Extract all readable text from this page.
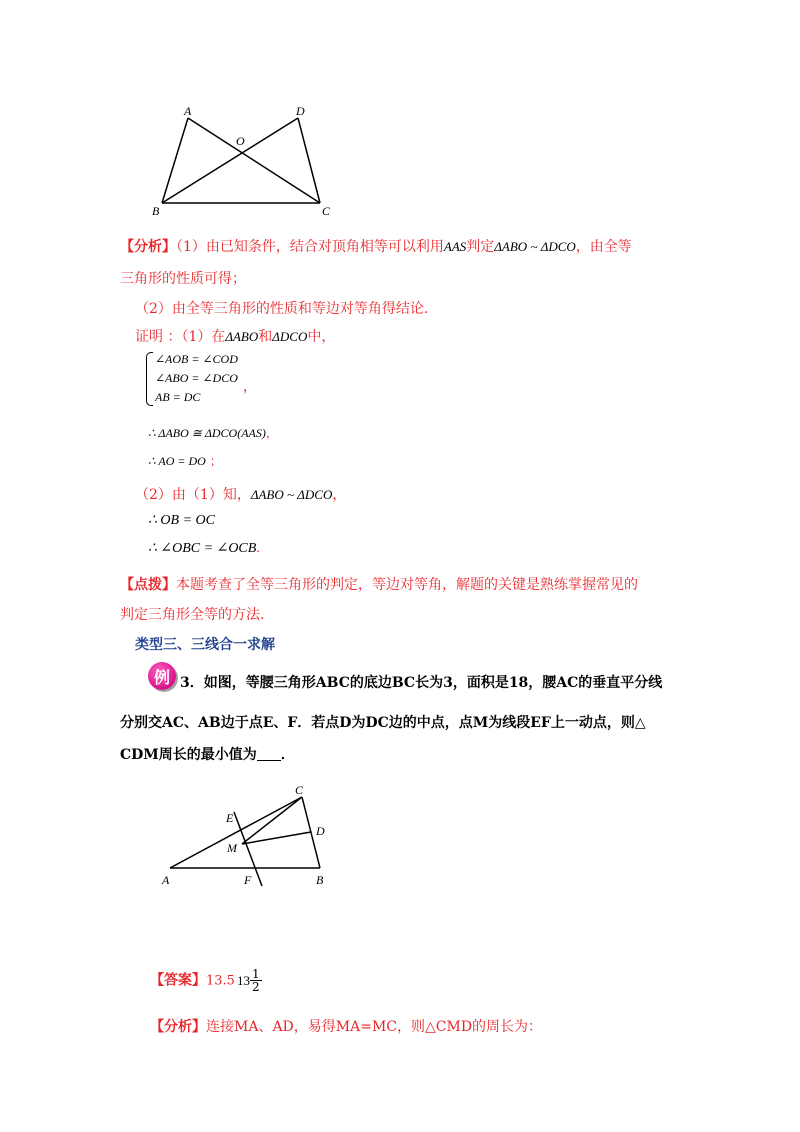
A	D
O
B	C
【分析】（1）由已知条件，结合对顶角相等可以利用AAS判定ΔABO ~ ΔDCO，由全等
三角形的性质可得；
（2）由全等三角形的性质和等边对等角得结论.
证明 ：（1）在ΔABO和ΔDCO中，
∠AOB = ∠COD
∠ABO = ∠DCO
AB = DC
，
∴ ΔABO ≅ ΔDCO(AAS)，
∴ AO = DO ；
（2）由（1）知，ΔABO ~ ΔDCO，
∴ OB = OC
∴ ∠OBC = ∠OCB.
【点拨】本题考查了全等三角形的判定，等边对等角，解题的关键是熟练掌握常见的
判定三角形全等的方法.
类型三、三线合一求解
例 3．如图，等腰三角形ABC的底边BC长为3，面积是18，腰AC的垂直平分线
分别交AC、AB边于点E、F．若点D为DC边的中点，点M为线段EF上一动点，则△
CDM周长的最小值为 ．
C
E
D
M
A	F	B
【答案】13.5 $13 \frac{1}{2}$
【分析】连接MA、AD，易得MA=MC，则△CMD的周长为：
